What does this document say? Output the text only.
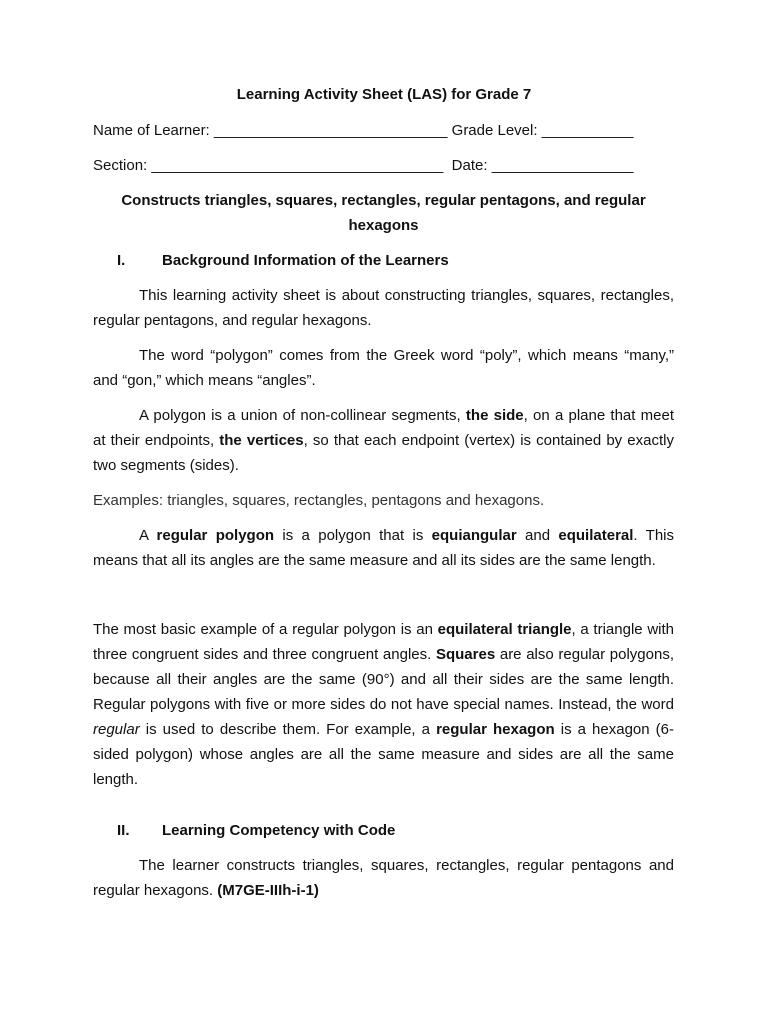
Learning Activity Sheet (LAS) for Grade 7
Name of Learner: ____________________________ Grade Level: ___________
Section: ___________________________________  Date: _________________
Constructs triangles, squares, rectangles, regular pentagons, and regular
hexagons
I. Background Information of the Learners
This learning activity sheet is about constructing triangles, squares, rectangles, regular pentagons, and regular hexagons.
The word “polygon” comes from the Greek word “poly”, which means “many,” and “gon,” which means “angles”.
A polygon is a union of non-collinear segments, the side, on a plane that meet at their endpoints, the vertices, so that each endpoint (vertex) is contained by exactly two segments (sides).
Examples: triangles, squares, rectangles, pentagons and hexagons.
A regular polygon is a polygon that is equiangular and equilateral. This means that all its angles are the same measure and all its sides are the same length.
The most basic example of a regular polygon is an equilateral triangle, a triangle with three congruent sides and three congruent angles. Squares are also regular polygons, because all their angles are the same (90°) and all their sides are the same length. Regular polygons with five or more sides do not have special names. Instead, the word regular is used to describe them. For example, a regular hexagon is a hexagon (6-sided polygon) whose angles are all the same measure and sides are all the same length.
II. Learning Competency with Code
The learner constructs triangles, squares, rectangles, regular pentagons and regular hexagons. (M7GE-IIIh-i-1)
